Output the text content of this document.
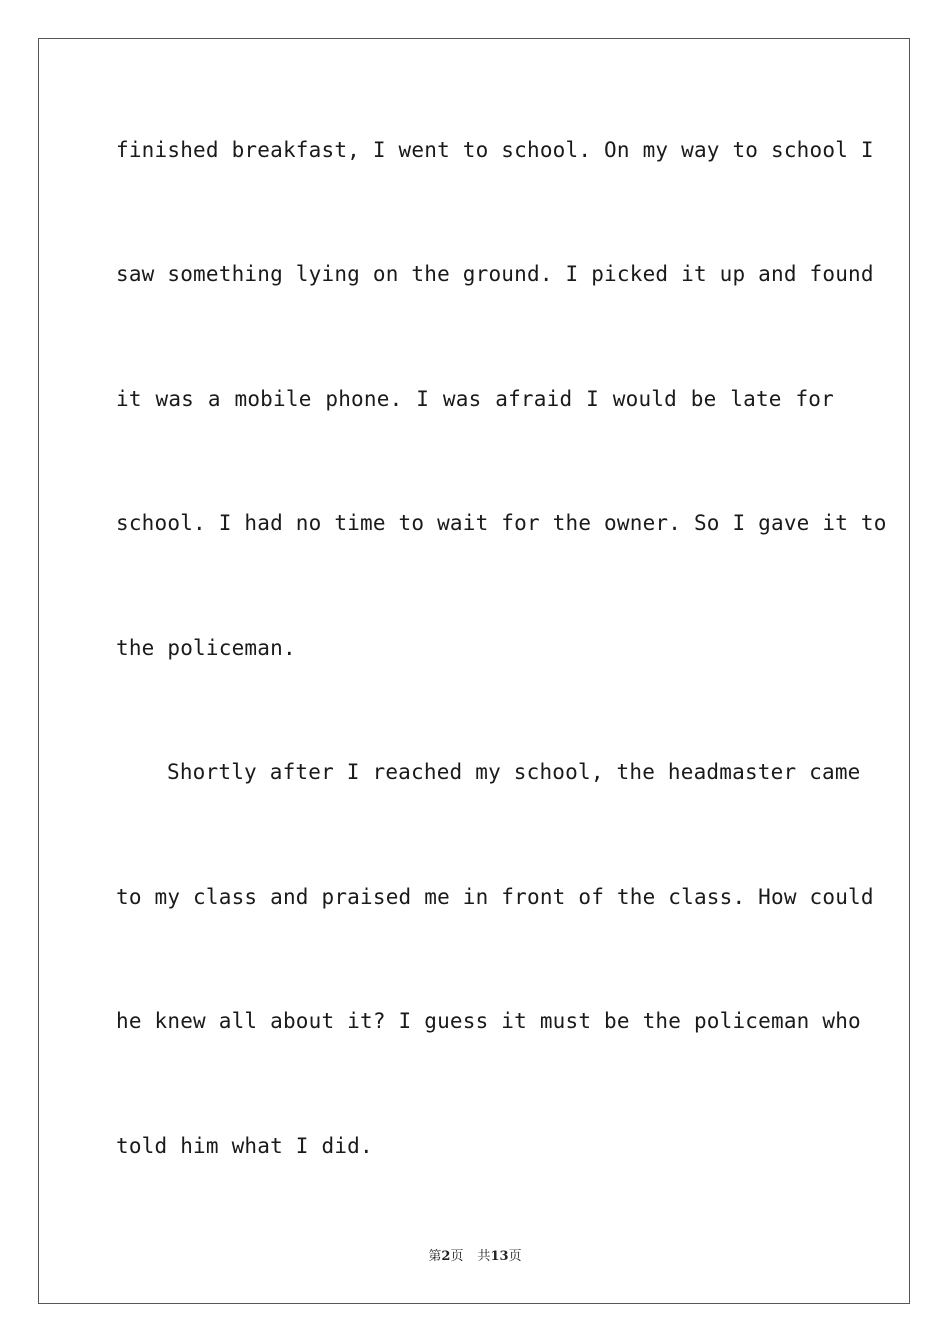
finished breakfast, I went to school. On my way to school I
saw something lying on the ground. I picked it up and found
it was a mobile phone. I was afraid I would be late for
school. I had no time to wait for the owner. So I gave it to
the policeman.
Shortly after I reached my school, the headmaster came
to my class and praised me in front of the class. How could
he knew all about it? I guess it must be the policeman who
told him what I did.
第2页 共13页
